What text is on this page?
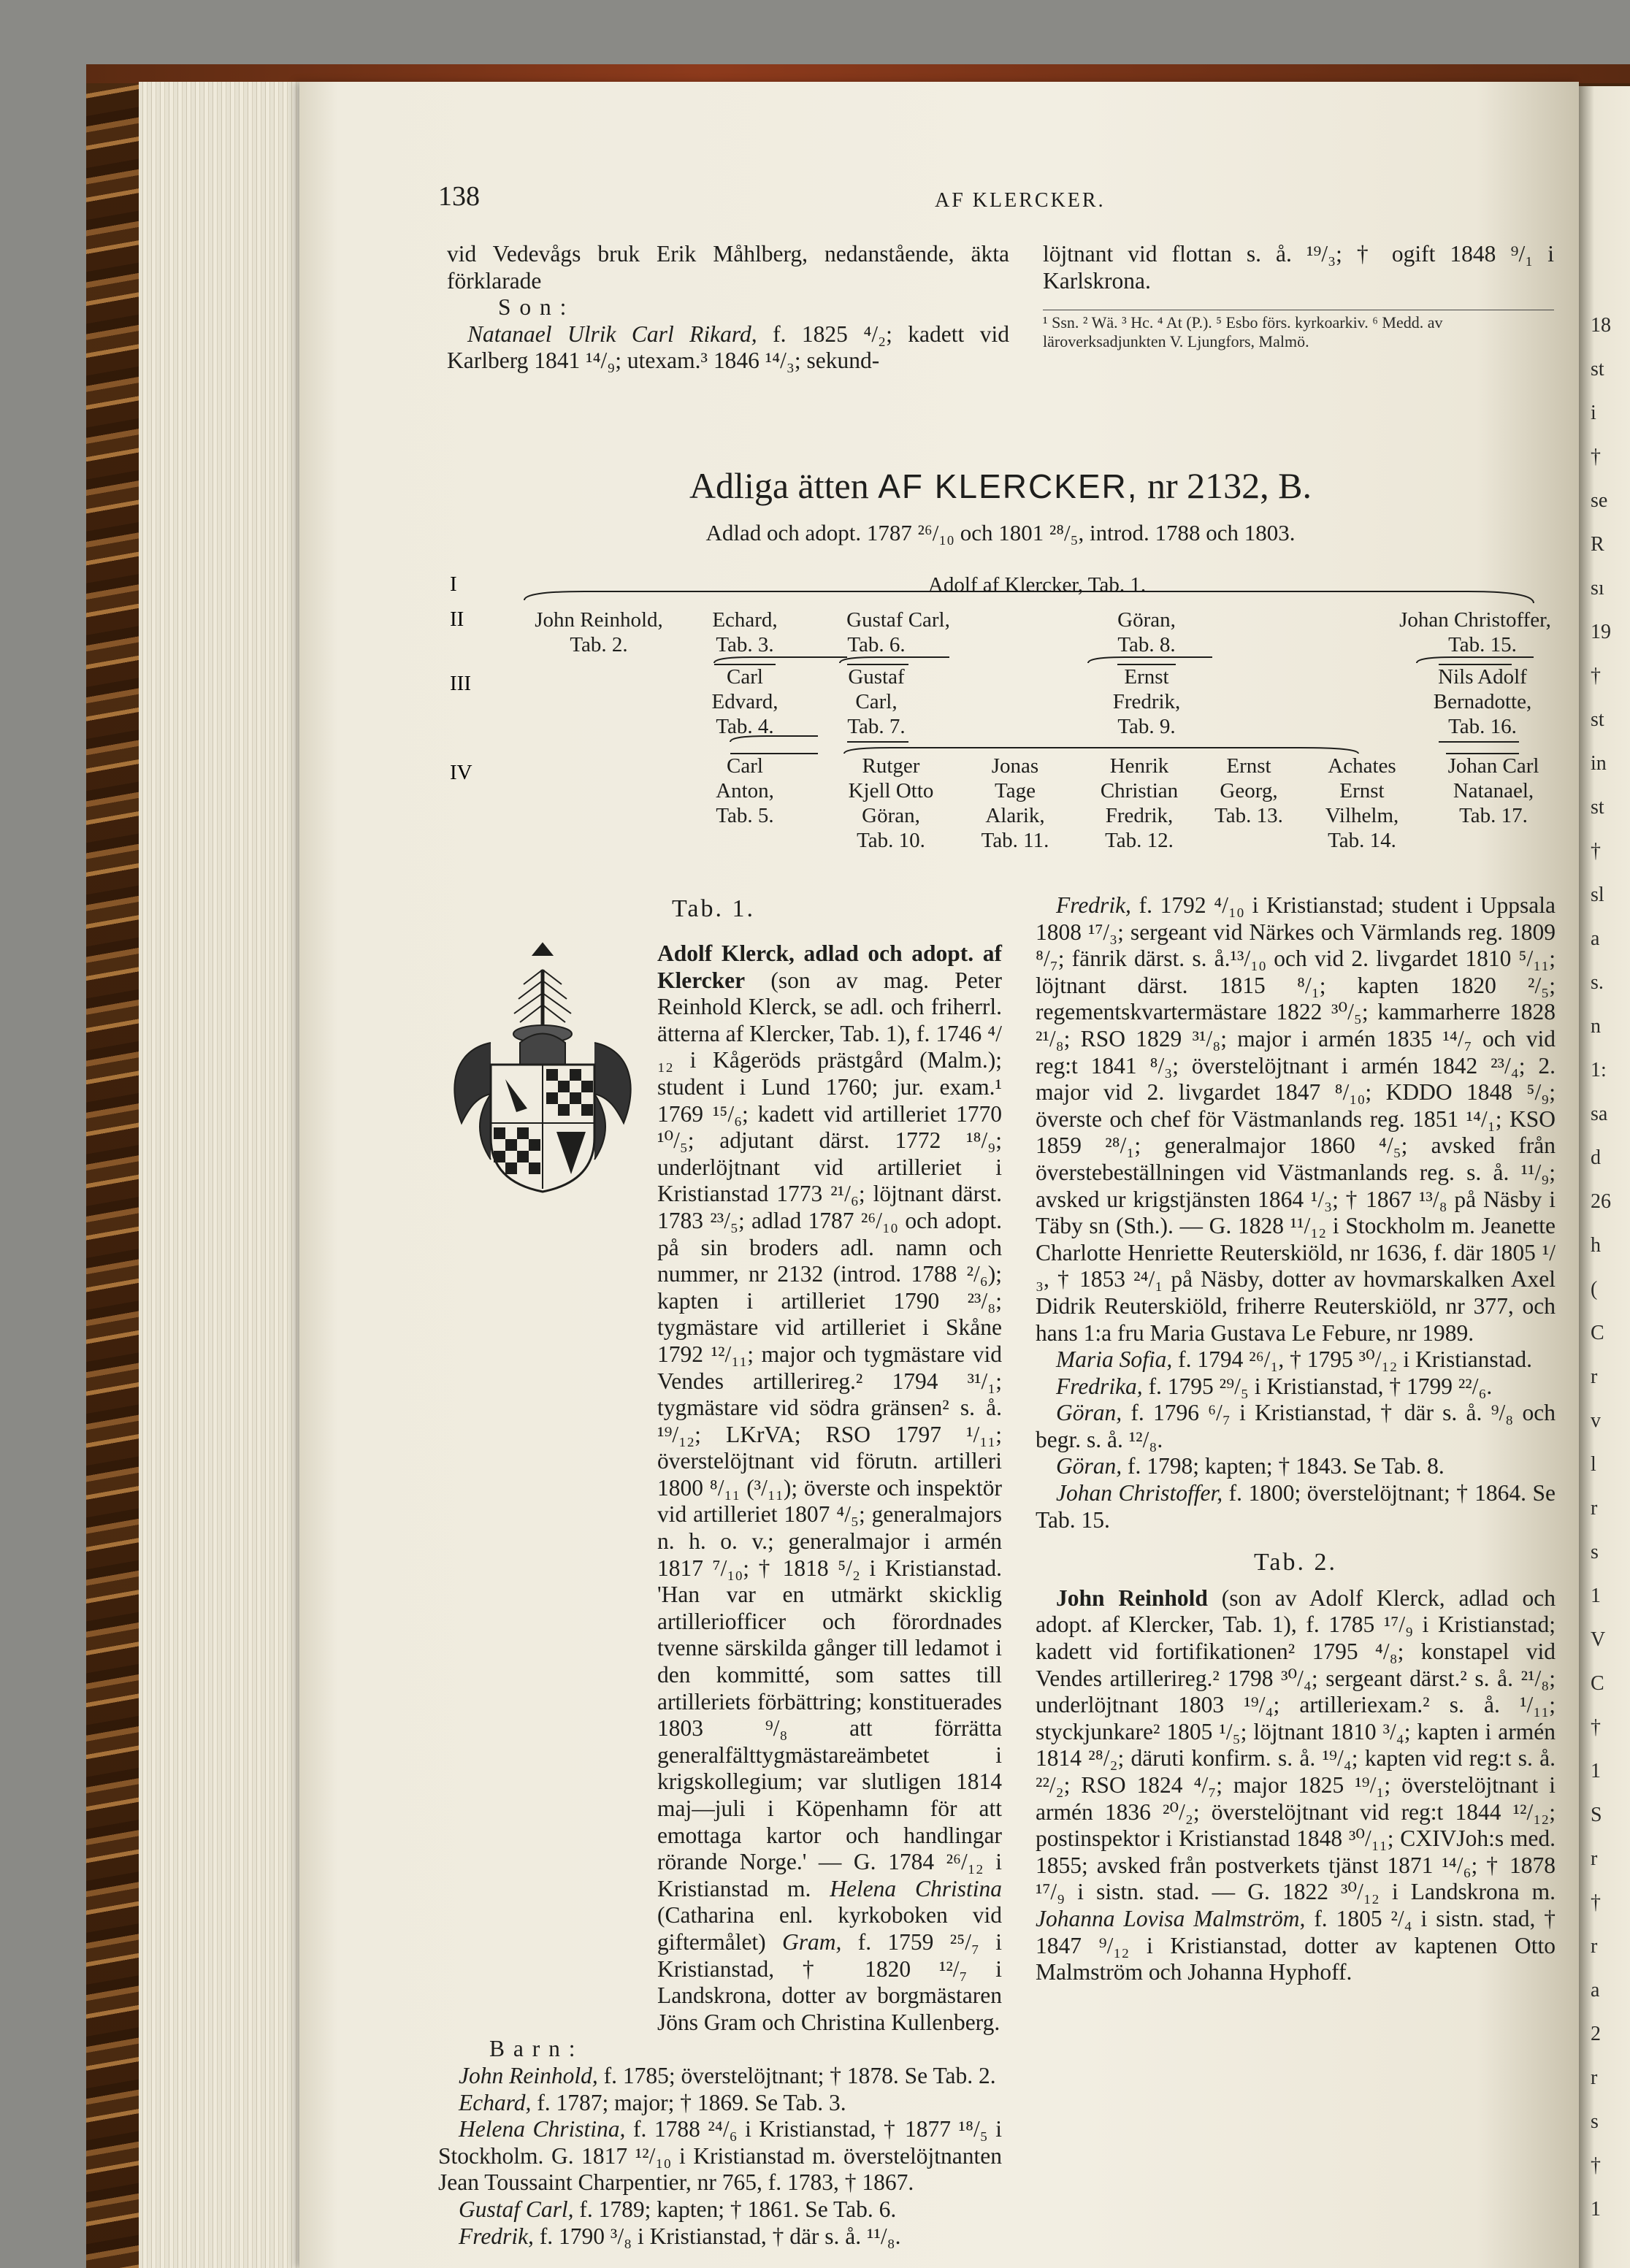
138	AF KLERCKER.

vid Vedevågs bruk Erik Måhlberg, nedanstående, äkta förklarade

S o n :

Natanael Ulrik Carl Rikard, f. 1825 ⁴/₂; kadett vid Karlberg 1841 ¹⁴/₉; utexam.³ 1846 ¹⁴/₃; sekund-

löjtnant vid flottan s. å. ¹⁹/₃; † ogift 1848 ⁹/₁ i Karlskrona.

¹ Ssn. ² Wä. ³ Hc. ⁴ At (P.). ⁵ Esbo förs. kyrkoarkiv. ⁶ Medd. av läroverksadjunkten V. Ljungfors, Malmö.
Adliga ätten AF KLERCKER, nr 2132, B.
Adlad och adopt. 1787 ²⁶/₁₀ och 1801 ²⁸/₅, introd. 1788 och 1803.
I
II
III
IV
Adolf af Klercker, Tab. 1.
John Reinhold,
Tab. 2.
Echard,
Tab. 3.
Gustaf Carl,
Tab. 6.
Göran,
Tab. 8.
Johan Christoffer,
Tab. 15.
Carl
Edvard,
Tab. 4.
Gustaf
Carl,
Tab. 7.
Ernst
Fredrik,
Tab. 9.
Nils Adolf
Bernadotte,
Tab. 16.
Carl
Anton,
Tab. 5.
Rutger
Kjell Otto
Göran,
Tab. 10.
Jonas
Tage
Alarik,
Tab. 11.
Henrik
Christian
Fredrik,
Tab. 12.
Ernst
Georg,
Tab. 13.
Achates
Ernst
Vilhelm,
Tab. 14.
Johan Carl
Natanael,
Tab. 17.
Tab. 1.

Adolf Klerck, adlad och adopt. af Klercker (son av mag. Peter Reinhold Klerck, se adl. och friherrl. ätterna af Klercker, Tab. 1), f. 1746 ⁴/₁₂ i Kågeröds prästgård (Malm.); student i Lund 1760; jur. exam.¹ 1769 ¹⁵/₆; kadett vid artilleriet 1770 ¹⁰/₅; adjutant därst. 1772 ¹⁸/₉; underlöjtnant vid artilleriet i Kristianstad 1773 ²¹/₆; löjtnant därst. 1783 ²³/₅; adlad 1787 ²⁶/₁₀ och adopt. på sin broders adl. namn och nummer, nr 2132 (introd. 1788 ²/₆); kapten i artilleriet 1790 ²³/₈; tygmästare vid artilleriet i Skåne 1792 ¹²/₁₁; major och tygmästare vid Vendes artillerireg.² 1794 ³¹/₁; tygmästare vid södra gränsen² s. å. ¹⁹/₁₂; LKrVA; RSO 1797 ¹/₁₁; överstelöjtnant vid förutn. artilleri 1800 ⁸/₁₁ (³/₁₁); överste och inspektör vid artilleriet 1807 ⁴/₅; generalmajors n. h. o. v.; generalmajor i armén 1817 ⁷/₁₀; † 1818 ⁵/₂ i Kristianstad. 'Han var en utmärkt skicklig artilleriofficer och förordnades tvenne särskilda gånger till ledamot i den kommitté, som sattes till artilleriets förbättring; konstituerades 1803 ⁹/₈ att förrätta generalfälttygmästareämbetet i krigskollegium; var slutligen 1814 maj—juli i Köpenhamn för att emottaga kartor och handlingar rörande Norge.' — G. 1784 ²⁶/₁₂ i Kristianstad m. Helena Christina (Catharina enl. kyrkoboken vid giftermålet) Gram, f. 1759 ²⁵/₇ i Kristianstad, † 1820 ¹²/₇ i Landskrona, dotter av borgmästaren Jöns Gram och Christina Kullenberg.

B a r n :

John Reinhold, f. 1785; överstelöjtnant; † 1878. Se Tab. 2.

Echard, f. 1787; major; † 1869. Se Tab. 3.

Helena Christina, f. 1788 ²⁴/₆ i Kristianstad, † 1877 ¹⁸/₅ i Stockholm. G. 1817 ¹²/₁₀ i Kristianstad m. överstelöjtnanten Jean Toussaint Charpentier, nr 765, f. 1783, † 1867.

Gustaf Carl, f. 1789; kapten; † 1861. Se Tab. 6.

Fredrik, f. 1790 ³/₈ i Kristianstad, † där s. å. ¹¹/₈.

Fredrik, f. 1792 ⁴/₁₀ i Kristianstad; student i Uppsala 1808 ¹⁷/₃; sergeant vid Närkes och Värmlands reg. 1809 ⁸/₇; fänrik därst. s. å.¹³/₁₀ och vid 2. livgardet 1810 ⁵/₁₁; löjtnant därst. 1815 ⁸/₁; kapten 1820 ²/₅; regementskvartermästare 1822 ³⁰/₅; kammarherre 1828 ²¹/₈; RSO 1829 ³¹/₈; major i armén 1835 ¹⁴/₇ och vid reg:t 1841 ⁸/₃; överstelöjtnant i armén 1842 ²³/₄; 2. major vid 2. livgardet 1847 ⁸/₁₀; KDDO 1848 ⁵/₉; överste och chef för Västmanlands reg. 1851 ¹⁴/₁; KSO 1859 ²⁸/₁; generalmajor 1860 ⁴/₅; avsked från överstebeställningen vid Västmanlands reg. s. å. ¹¹/₉; avsked ur krigstjänsten 1864 ¹/₃; † 1867 ¹³/₈ på Näsby i Täby sn (Sth.). — G. 1828 ¹¹/₁₂ i Stockholm m. Jeanette Charlotte Henriette Reuterskiöld, nr 1636, f. där 1805 ¹/₃, † 1853 ²⁴/₁ på Näsby, dotter av hovmarskalken Axel Didrik Reuterskiöld, friherre Reuterskiöld, nr 377, och hans 1:a fru Maria Gustava Le Febure, nr 1989.

Maria Sofia, f. 1794 ²⁶/₁, † 1795 ³⁰/₁₂ i Kristianstad.

Fredrika, f. 1795 ²⁹/₅ i Kristianstad, † 1799 ²²/₆.

Göran, f. 1796 ⁶/₇ i Kristianstad, † där s. å. ⁹/₈ och begr. s. å. ¹²/₈.

Göran, f. 1798; kapten; † 1843. Se Tab. 8.

Johan Christoffer, f. 1800; överstelöjtnant; † 1864. Se Tab. 15.

Tab. 2.

John Reinhold (son av Adolf Klerck, adlad och adopt. af Klercker, Tab. 1), f. 1785 ¹⁷/₉ i Kristianstad; kadett vid fortifikationen² 1795 ⁴/₈; konstapel vid Vendes artillerireg.² 1798 ³⁰/₄; sergeant därst.² s. å. ²¹/₈; underlöjtnant 1803 ¹⁹/₄; artilleriexam.² s. å. ¹/₁₁; styckjunkare² 1805 ¹/₅; löjtnant 1810 ³/₄; kapten i armén 1814 ²⁸/₂; däruti konfirm. s. å. ¹⁹/₄; kapten vid reg:t s. å. ²²/₂; RSO 1824 ⁴/₇; major 1825 ¹⁹/₁; överstelöjtnant i armén 1836 ²⁰/₂; överstelöjtnant vid reg:t 1844 ¹²/₁₂; postinspektor i Kristianstad 1848 ³⁰/₁₁; CXIVJoh:s med. 1855; avsked från postverkets tjänst 1871 ¹⁴/₆; † 1878 ¹⁷/₉ i sistn. stad. — G. 1822 ³⁰/₁₂ i Landskrona m. Johanna Lovisa Malmström, f. 1805 ²/₄ i sistn. stad, † 1847 ⁹/₁₂ i Kristianstad, dotter av kaptenen Otto Malmström och Johanna Hyphoff.

18
st
i
†
se
R
sı
19
†
st
in
st
†
sl
a
s.
n
1:
sa
d
26
h
(
C
r
v
l
r
s
1
V
C
†
1
S
r
†
r
a
2
r
s
†
1
